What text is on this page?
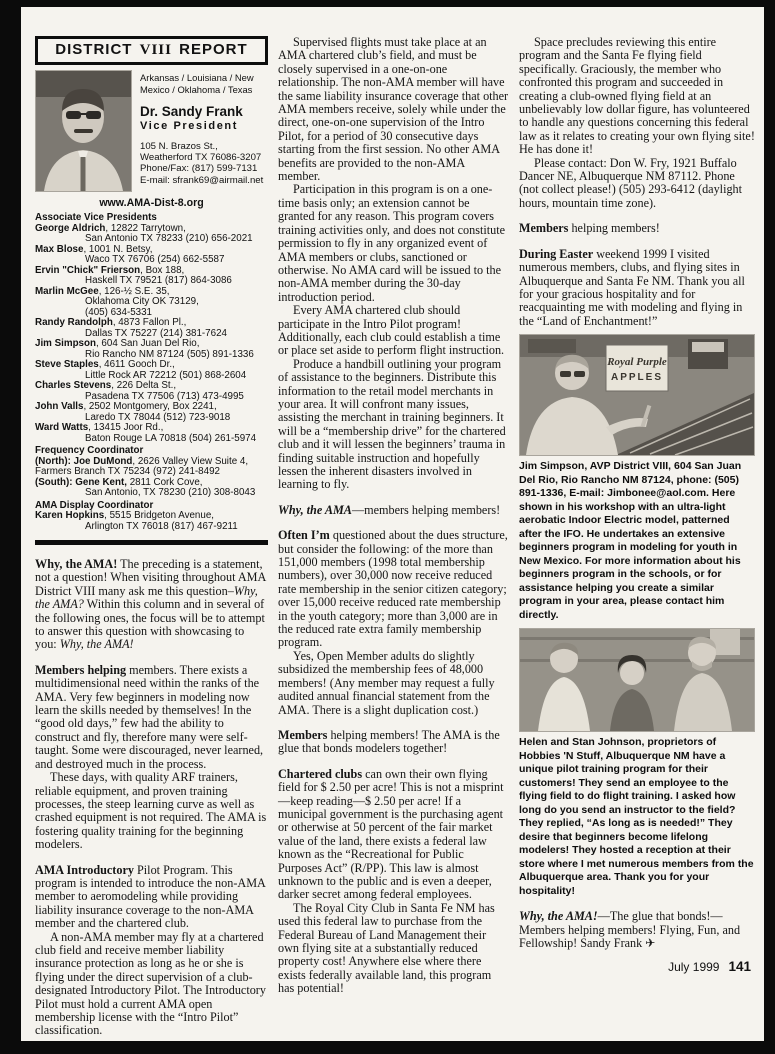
DISTRICT VIII REPORT
Arkansas / Louisiana / New
Mexico / Oklahoma / Texas
Dr. Sandy Frank
Vice President
105 N. Brazos St.,
Weatherford TX 76086-3207
Phone/Fax: (817) 599-7131
E-mail: sfrank69@airmail.net
www.AMA-Dist-8.org
Associate Vice Presidents
George Aldrich, 12822 Tarrytown,
San Antonio TX 78233 (210) 656-2021
Max Blose, 1001 N. Betsy,
Waco TX 76706 (254) 662-5587
Ervin "Chick" Frierson, Box 188,
Haskell TX 79521 (817) 864-3086
Marlin McGee, 126-½ S.E. 35,
Oklahoma City OK 73129,
(405) 634-5331
Randy Randolph, 4873 Fallon Pl.,
Dallas TX 75227 (214) 381-7624
Jim Simpson, 604 San Juan Del Rio,
Rio Rancho NM 87124 (505) 891-1336
Steve Staples, 4611 Gooch Dr.,
Little Rock AR 72212 (501) 868-2604
Charles Stevens, 226 Delta St.,
Pasadena TX 77506 (713) 473-4995
John Valls, 2502 Montgomery, Box 2241,
Laredo TX 78044 (512) 723-9018
Ward Watts, 13415 Joor Rd.,
Baton Rouge LA 70818 (504) 261-5974
Frequency Coordinator
(North): Joe DuMond, 2626 Valley View Suite 4,
Farmers Branch TX 75234 (972) 241-8492
(South): Gene Kent, 2811 Cork Cove,
San Antonio, TX 78230 (210) 308-8043
AMA Display Coordinator
Karen Hopkins, 5515 Bridgeton Avenue,
Arlington TX 76018 (817) 467-9211

Why, the AMA! The preceding is a statement, not a question! When visiting throughout AMA District VIII many ask me this question–Why, the AMA? Within this column and in several of the following ones, the focus will be to attempt to answer this question with showcasing to you: Why, the AMA!

Members helping members. There exists a multidimensional need within the ranks of the AMA. Very few beginners in modeling now learn the skills needed by themselves! In the “good old days,” few had the ability to construct and fly, therefore many were self-taught. Some were discouraged, never learned, and destroyed much in the process.

These days, with quality ARF trainers, reliable equipment, and proven training processes, the steep learning curve as well as crashed equipment is not required. The AMA is fostering quality training for the beginning modelers.

AMA Introductory Pilot Program. This program is intended to introduce the non-AMA member to aeromodeling while providing liability insurance coverage to the non-AMA member and the chartered club.

A non-AMA member may fly at a chartered club field and receive member liability insurance protection as long as he or she is flying under the direct supervision of a club-designated Introductory Pilot. The Introductory Pilot must hold a current AMA open membership license with the “Intro Pilot” classification.

Supervised flights must take place at an AMA chartered club’s field, and must be closely supervised in a one-on-one relationship. The non-AMA member will have the same liability insurance coverage that other AMA members receive, solely while under the direct, one-on-one supervision of the Intro Pilot, for a period of 30 consecutive days starting from the first session. No other AMA benefits are provided to the non-AMA member.

Participation in this program is on a one-time basis only; an extension cannot be granted for any reason. This program covers training activities only, and does not constitute permission to fly in any organized event of AMA members or clubs, sanctioned or otherwise. No AMA card will be issued to the non-AMA member during the 30-day introduction period.

Every AMA chartered club should participate in the Intro Pilot program! Additionally, each club could establish a time or place set aside to perform flight instruction.

Produce a handbill outlining your program of assistance to the beginners. Distribute this information to the retail model merchants in your area. It will confront many issues, assisting the merchant in training beginners. It will be a “membership drive” for the chartered club and it will lessen the beginners’ trauma in finding suitable instruction and hopefully lessen the inherent disasters involved in learning to fly.

Why, the AMA—members helping members!

Often I’m questioned about the dues structure, but consider the following: of the more than 151,000 members (1998 total membership numbers), over 30,000 now receive reduced rate membership in the senior citizen category; over 15,000 receive reduced rate membership in the youth category; more than 3,000 are in the reduced rate extra family membership program.

Yes, Open Member adults do slightly subsidized the membership fees of 48,000 members! (Any member may request a fully audited annual financial statement from the AMA. There is a slight duplication cost.)

Members helping members! The AMA is the glue that bonds modelers together!

Chartered clubs can own their own flying field for $ 2.50 per acre! This is not a misprint—keep reading—$ 2.50 per acre! If a municipal government is the purchasing agent or otherwise at 50 percent of the fair market value of the land, there exists a federal law known as the “Recreational for Public Purposes Act” (R/PP). This law is almost unknown to the public and is even a deeper, darker secret among federal employees.

The Royal City Club in Santa Fe NM has used this federal law to purchase from the Federal Bureau of Land Management their own flying site at a substantially reduced property cost! Anywhere else where there exists federally available land, this program has potential!

Space precludes reviewing this entire program and the Santa Fe flying field specifically. Graciously, the member who confronted this program and succeeded in creating a club-owned flying field at an unbelievably low dollar figure, has volunteered to handle any questions concerning this federal law as it relates to creating your own flying site! He has done it!

Please contact: Don W. Fry, 1921 Buffalo Dancer NE, Albuquerque NM 87112. Phone (not collect please!) (505) 293-6412 (daylight hours, mountain time zone).

Members helping members!

During Easter weekend 1999 I visited numerous members, clubs, and flying sites in Albuquerque and Santa Fe NM. Thank you all for your gracious hospitality and for reacquainting me with modeling and flying in the “Land of Enchantment!”

Royal Purple
APPLES
Jim Simpson, AVP District VIII, 604 San Juan Del Rio, Rio Rancho NM 87124, phone: (505) 891-1336, E-mail: Jimbonee@aol.com. Here shown in his workshop with an ultra-light aerobatic Indoor Electric model, patterned after the IFO. He undertakes an extensive beginners program in modeling for youth in New Mexico. For more information about his beginners program in the schools, or for assistance helping you create a similar program in your area, please contact him directly.
Helen and Stan Johnson, proprietors of Hobbies 'N Stuff, Albuquerque NM have a unique pilot training program for their customers! They send an employee to the flying field to do flight training. I asked how long do you send an instructor to the field? They replied, “As long as is needed!” They desire that beginners become lifelong modelers! They hosted a reception at their store where I met numerous members from the Albuquerque area. Thank you for your hospitality!

Why, the AMA!—The glue that bonds!—Members helping members! Flying, Fun, and Fellowship! Sandy Frank ✈

July 1999 141
